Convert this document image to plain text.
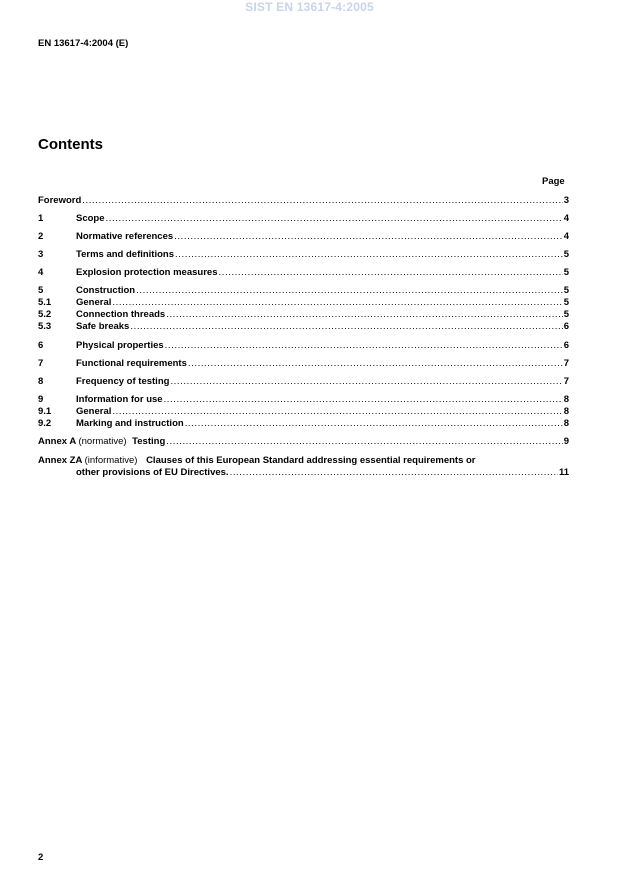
SIST EN 13617-4:2005
EN 13617-4:2004 (E)
Contents
Page
Foreword .....	3
1	Scope .....	4
2	Normative references .....	4
3	Terms and definitions .....	5
4	Explosion protection measures .....	5
5	Construction .....	5
5.1	General .....	5
5.2	Connection threads .....	5
5.3	Safe breaks .....	6
6	Physical properties .....	6
7	Functional requirements .....	7
8	Frequency of testing .....	7
9	Information for use .....	8
9.1	General .....	8
9.2	Marking and instruction .....	8
Annex A (normative) Testing .....	9
Annex ZA (informative) Clauses of this European Standard addressing essential requirements or
other provisions of EU Directives. .....	11
2
